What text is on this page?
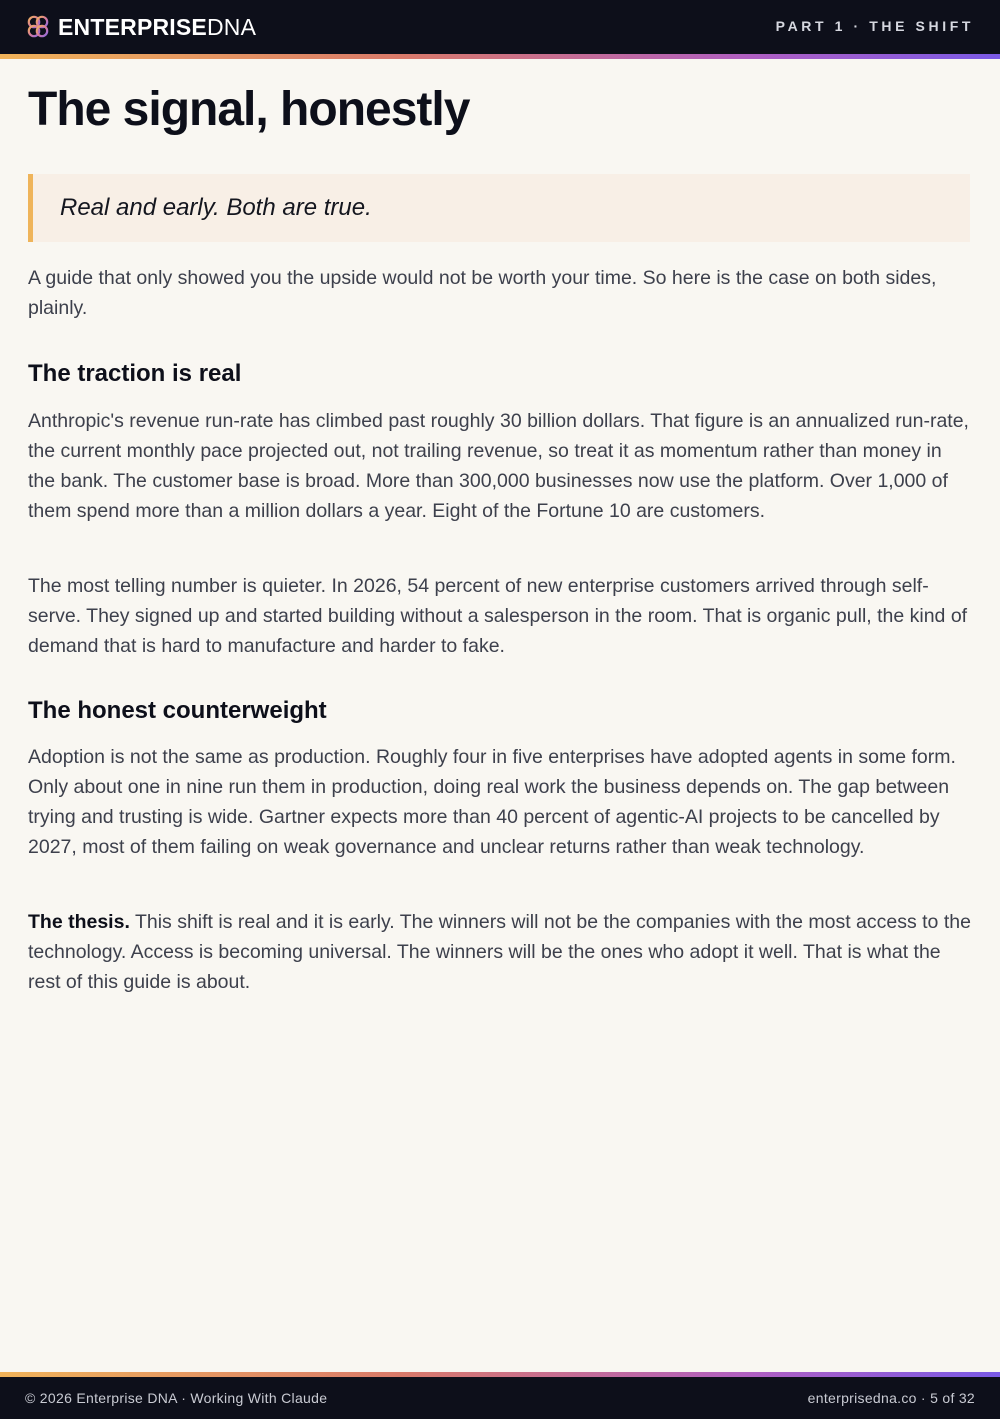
ENTERPRISEDNA	PART 1 · THE SHIFT
The signal, honestly
Real and early. Both are true.

A guide that only showed you the upside would not be worth your time. So here is the case on both sides, plainly.

The traction is real

Anthropic's revenue run-rate has climbed past roughly 30 billion dollars. That figure is an annualized run-rate, the current monthly pace projected out, not trailing revenue, so treat it as momentum rather than money in the bank. The customer base is broad. More than 300,000 businesses now use the platform. Over 1,000 of them spend more than a million dollars a year. Eight of the Fortune 10 are customers.

The most telling number is quieter. In 2026, 54 percent of new enterprise customers arrived through self-serve. They signed up and started building without a salesperson in the room. That is organic pull, the kind of demand that is hard to manufacture and harder to fake.

The honest counterweight

Adoption is not the same as production. Roughly four in five enterprises have adopted agents in some form. Only about one in nine run them in production, doing real work the business depends on. The gap between trying and trusting is wide. Gartner expects more than 40 percent of agentic-AI projects to be cancelled by 2027, most of them failing on weak governance and unclear returns rather than weak technology.

The thesis. This shift is real and it is early. The winners will not be the companies with the most access to the technology. Access is becoming universal. The winners will be the ones who adopt it well. That is what the rest of this guide is about.

© 2026 Enterprise DNA · Working With Claude	enterprisedna.co · 5 of 32
